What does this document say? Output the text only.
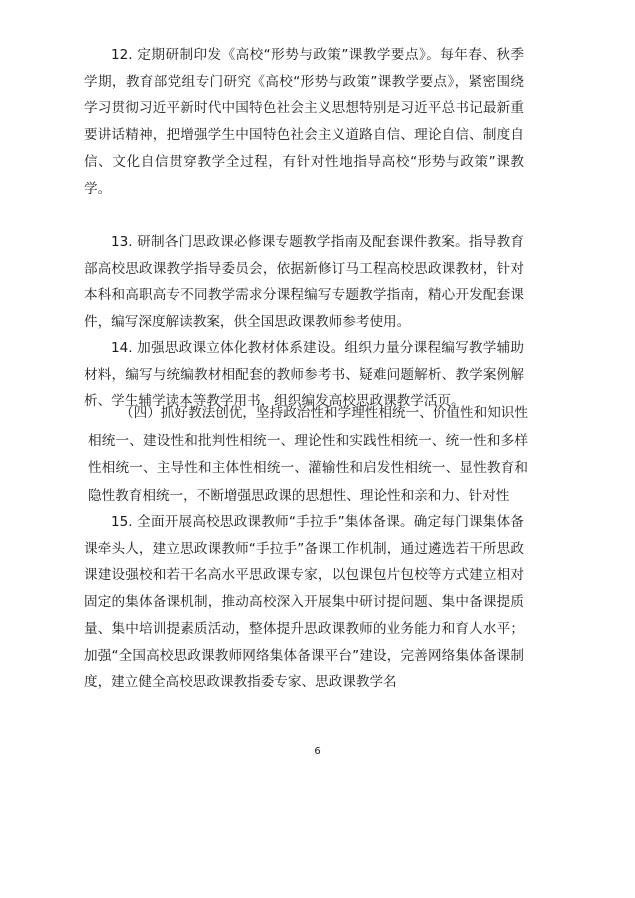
12. 定期研制印发《高校“形势与政策”课教学要点》。每年春、秋季学期，教育部党组专门研究《高校“形势与政策”课教学要点》，紧密围绕学习贯彻习近平新时代中国特色社会主义思想特别是习近平总书记最新重要讲话精神，把增强学生中国特色社会主义道路自信、理论自信、制度自信、文化自信贯穿教学全过程，有针对性地指导高校“形势与政策”课教学。

13. 研制各门思政课必修课专题教学指南及配套课件教案。指导教育部高校思政课教学指导委员会，依据新修订马工程高校思政课教材，针对本科和高职高专不同教学需求分课程编写专题教学指南，精心开发配套课件，编写深度解读教案，供全国思政课教师参考使用。

14. 加强思政课立体化教材体系建设。组织力量分课程编写教学辅助材料，编写与统编教材相配套的教师参考书、疑难问题解析、教学案例解析、学生辅学读本等教学用书，组织编发高校思政课教学活页。

（四）抓好教法创优，坚持政治性和学理性相统一、价值性和知识性相统一、建设性和批判性相统一、理论性和实践性相统一、统一性和多样性相统一、主导性和主体性相统一、灌输性和启发性相统一、显性教育和隐性教育相统一，不断增强思政课的思想性、理论性和亲和力、针对性

15. 全面开展高校思政课教师“手拉手”集体备课。确定每门课集体备课牵头人，建立思政课教师“手拉手”备课工作机制，通过遴选若干所思政课建设强校和若干名高水平思政课专家，以包课包片包校等方式建立相对固定的集体备课机制，推动高校深入开展集中研讨提问题、集中备课提质量、集中培训提素质活动，整体提升思政课教师的业务能力和育人水平；加强“全国高校思政课教师网络集体备课平台”建设，完善网络集体备课制度，建立健全高校思政课教指委专家、思政课教学名

6
